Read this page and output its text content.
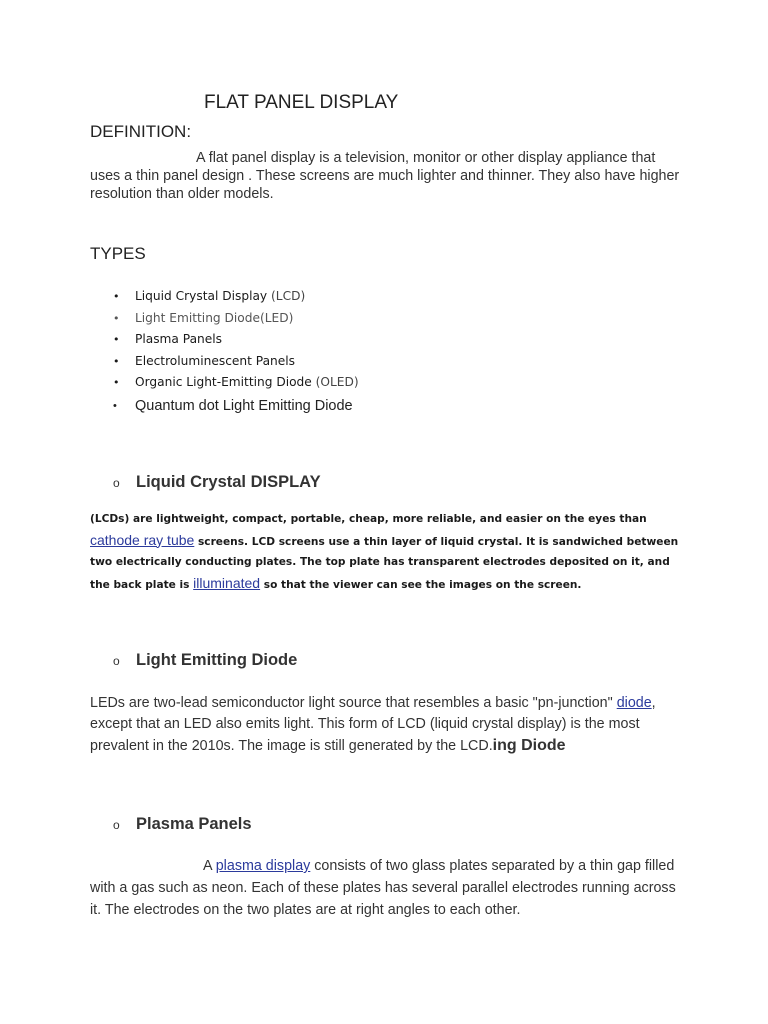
FLAT PANEL DISPLAY
DEFINITION:

A flat panel display is a television, monitor or other display appliance that uses a thin panel design . These screens are much lighter and thinner. They also have higher resolution than older models.

TYPES
• Liquid Crystal Display (LCD)
• Light Emitting Diode(LED)
• Plasma Panels
• Electroluminescent Panels
• Organic Light-Emitting Diode (OLED)
• Quantum dot Light Emitting Diode
o Liquid Crystal DISPLAY

(LCDs) are lightweight, compact, portable, cheap, more reliable, and easier on the eyes than cathode ray tube screens. LCD screens use a thin layer of liquid crystal. It is sandwiched between two electrically conducting plates. The top plate has transparent electrodes deposited on it, and the back plate is illuminated so that the viewer can see the images on the screen.

o Light Emitting Diode

LEDs are two-lead semiconductor light source that resembles a basic "pn-junction" diode, except that an LED also emits light. This form of LCD (liquid crystal display) is the most prevalent in the 2010s. The image is still generated by the LCD.ing Diode

o Plasma Panels

A plasma display consists of two glass plates separated by a thin gap filled with a gas such as neon. Each of these plates has several parallel electrodes running across it. The electrodes on the two plates are at right angles to each other.
